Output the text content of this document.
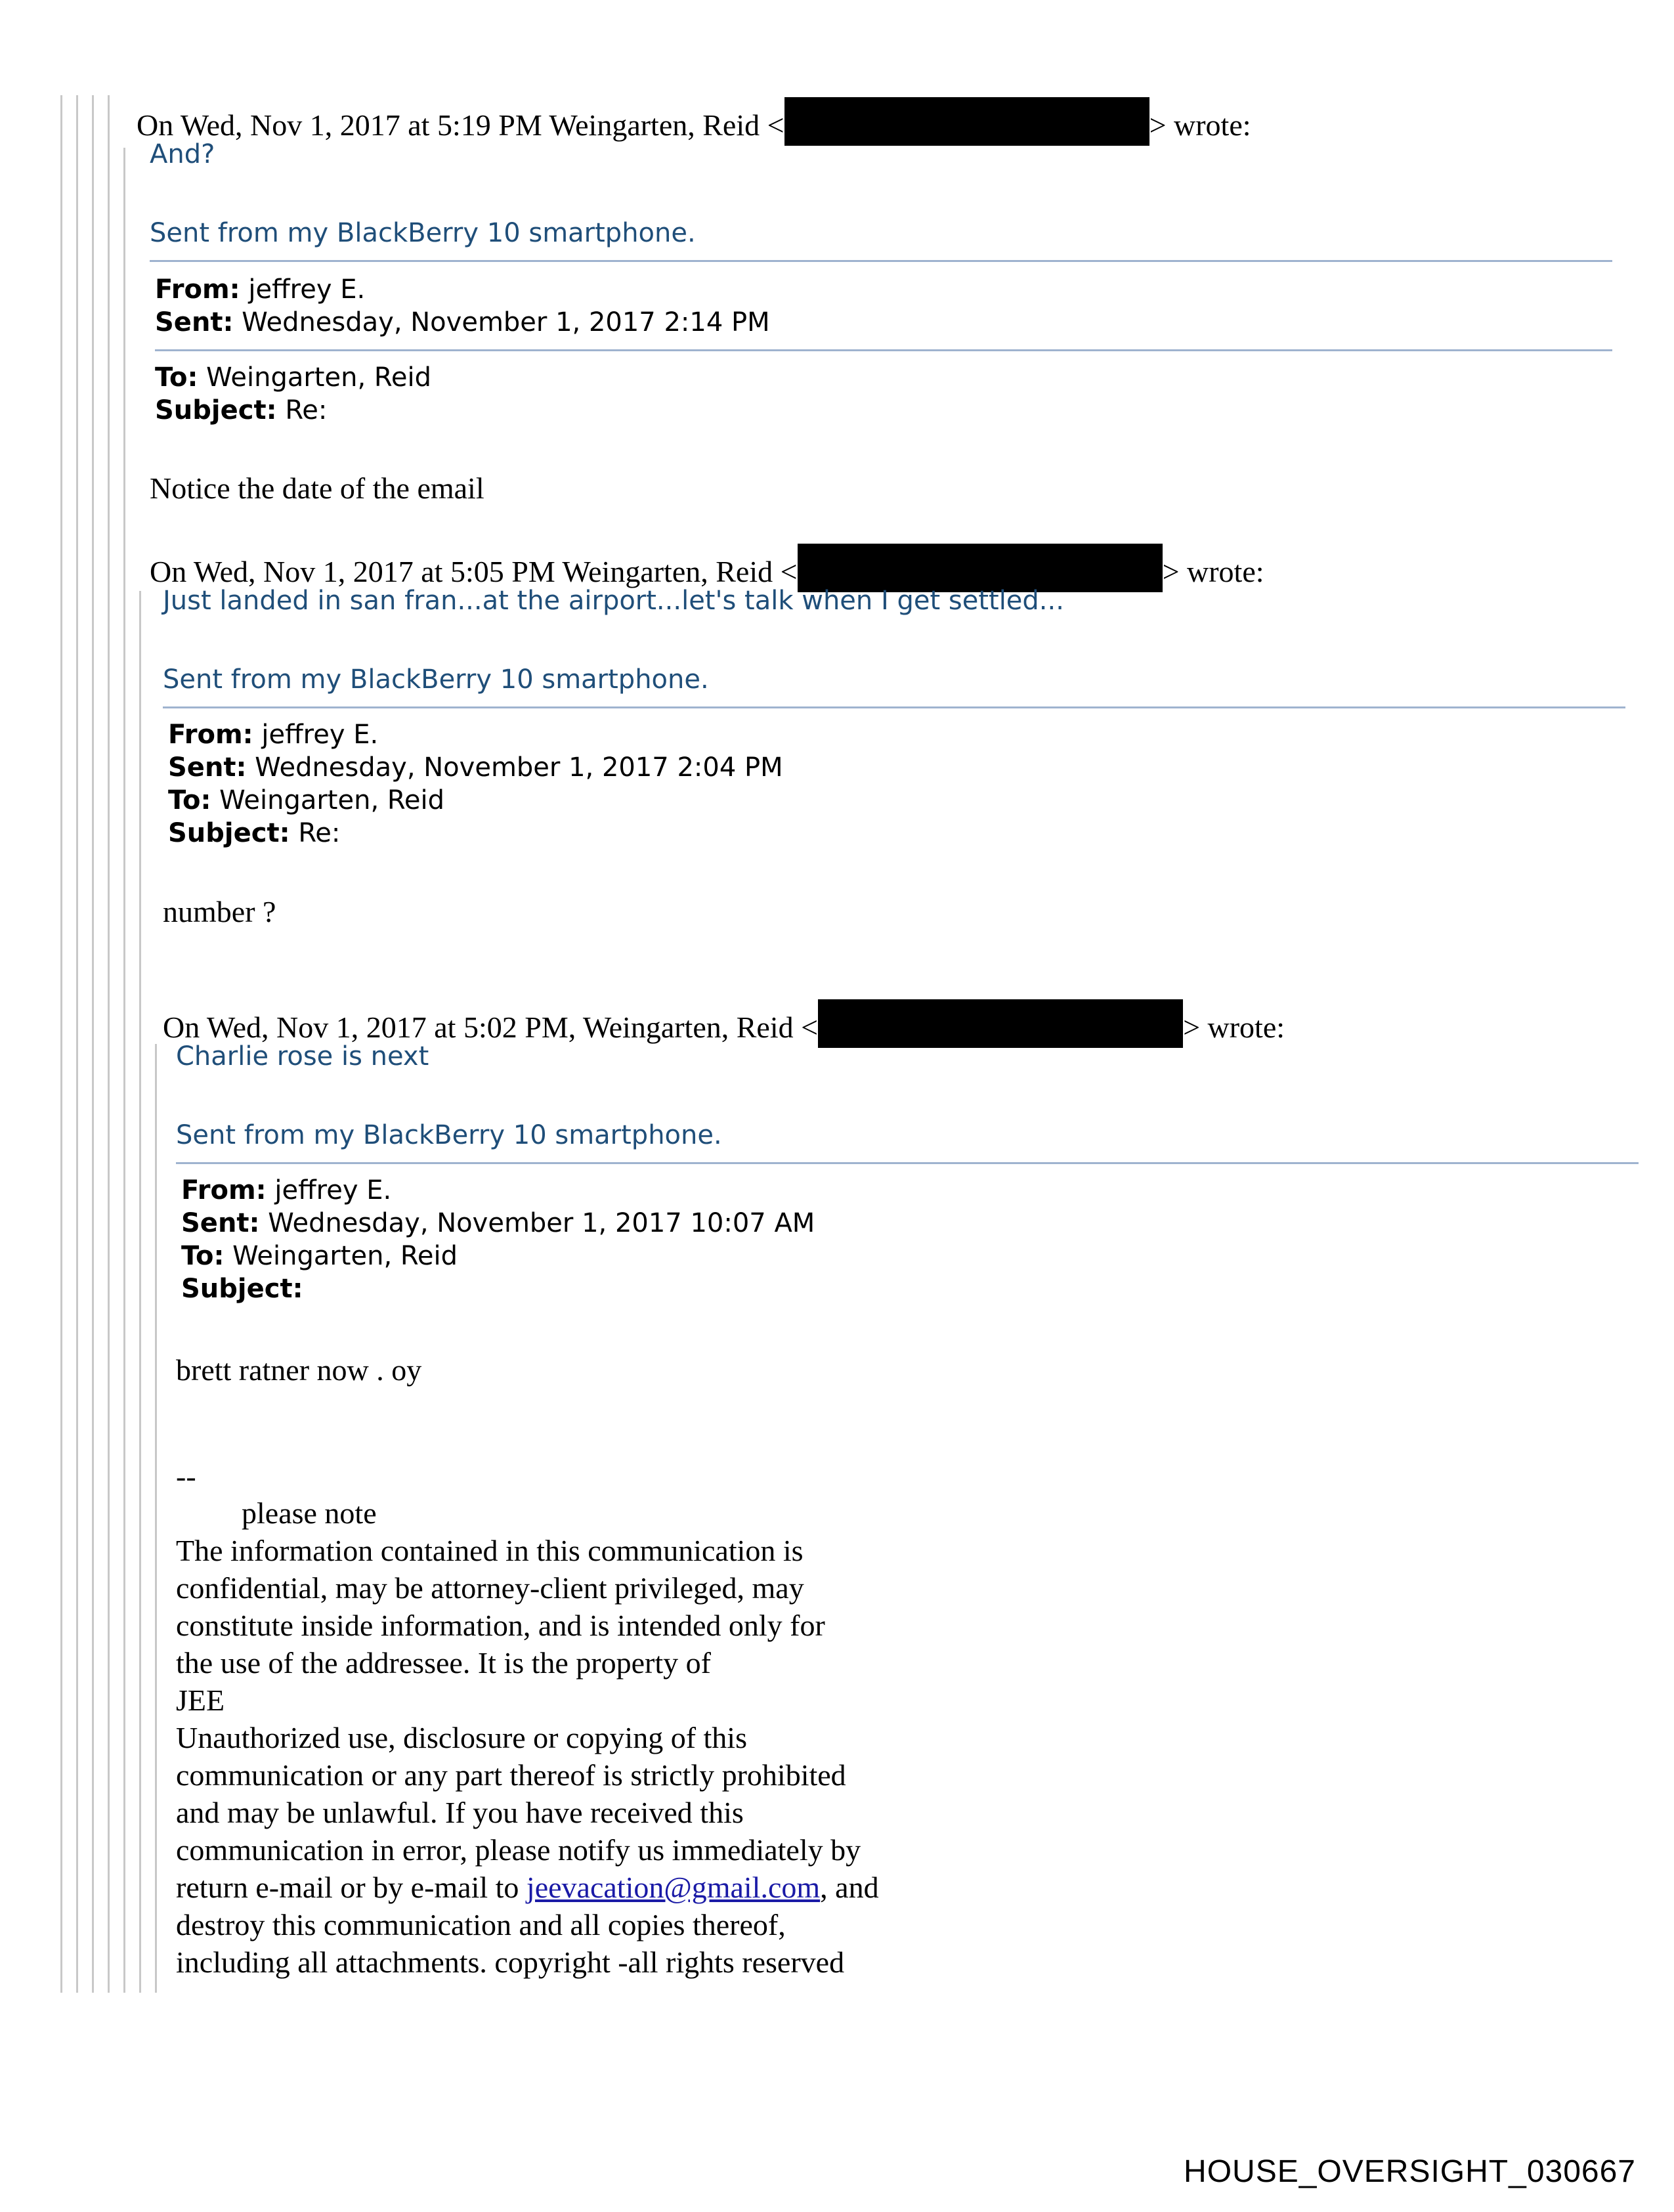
On Wed, Nov 1, 2017 at 5:19 PM Weingarten, Reid <	> wrote:
And?
Sent from my BlackBerry 10 smartphone.
From: jeffrey E.
Sent: Wednesday, November 1, 2017 2:14 PM
To: Weingarten, Reid
Subject: Re:
Notice the date of the email
On Wed, Nov 1, 2017 at 5:05 PM Weingarten, Reid <	> wrote:
Just landed in san fran...at the airport...let's talk when I get settled...
Sent from my BlackBerry 10 smartphone.
From: jeffrey E.
Sent: Wednesday, November 1, 2017 2:04 PM
To: Weingarten, Reid
Subject: Re:
number ?
On Wed, Nov 1, 2017 at 5:02 PM, Weingarten, Reid <	> wrote:
Charlie rose is next
Sent from my BlackBerry 10 smartphone.
From: jeffrey E.
Sent: Wednesday, November 1, 2017 10:07 AM
To: Weingarten, Reid
Subject:
brett ratner now . oy
--
please note
The information contained in this communication is
confidential, may be attorney-client privileged, may
constitute inside information, and is intended only for
the use of the addressee. It is the property of
JEE
Unauthorized use, disclosure or copying of this
communication or any part thereof is strictly prohibited
and may be unlawful. If you have received this
communication in error, please notify us immediately by
return e-mail or by e-mail to jeevacation@gmail.com, and
destroy this communication and all copies thereof,
including all attachments. copyright -all rights reserved
HOUSE_OVERSIGHT_030667
